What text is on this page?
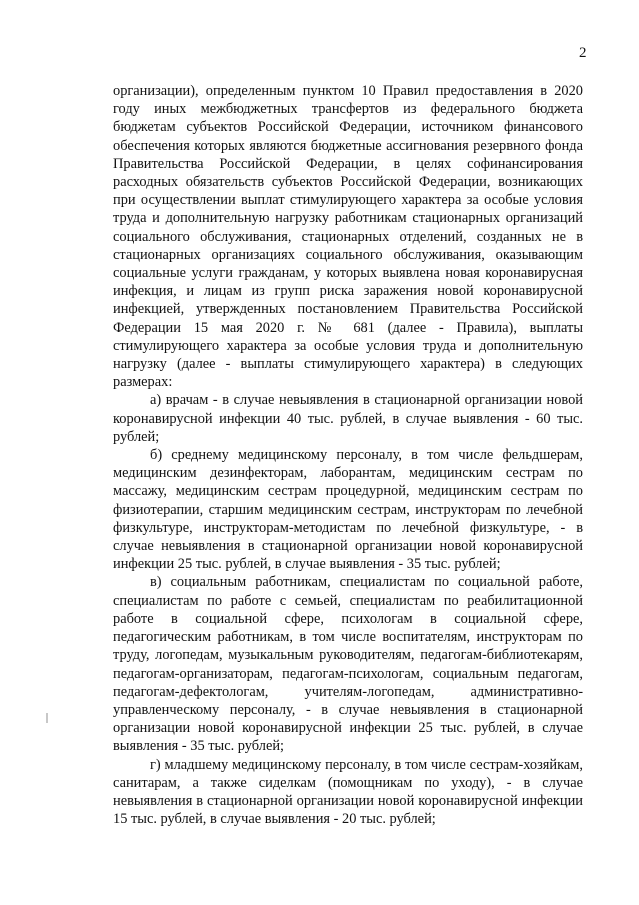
2

организации), определенным пунктом 10 Правил предоставления в 2020 году иных межбюджетных трансфертов из федерального бюджета бюджетам субъектов Российской Федерации, источником финансового обеспечения которых являются бюджетные ассигнования резервного фонда Правительства Российской Федерации, в целях софинансирования расходных обязательств субъектов Российской Федерации, возникающих при осуществлении выплат стимулирующего характера за особые условия труда и дополнительную нагрузку работникам стационарных организаций социального обслуживания, стационарных отделений, созданных не в стационарных организациях социального обслуживания, оказывающим социальные услуги гражданам, у которых выявлена новая коронавирусная инфекция, и лицам из групп риска заражения новой коронавирусной инфекцией, утвержденных постановлением Правительства Российской Федерации 15 мая 2020 г. № 681 (далее - Правила), выплаты стимулирующего характера за особые условия труда и дополнительную нагрузку (далее - выплаты стимулирующего характера) в следующих размерах:

а) врачам - в случае невыявления в стационарной организации новой коронавирусной инфекции 40 тыс. рублей, в случае выявления - 60 тыс. рублей;

б) среднему медицинскому персоналу, в том числе фельдшерам, медицинским дезинфекторам, лаборантам, медицинским сестрам по массажу, медицинским сестрам процедурной, медицинским сестрам по физиотерапии, старшим медицинским сестрам, инструкторам по лечебной физкультуре, инструкторам-методистам по лечебной физкультуре, - в случае невыявления в стационарной организации новой коронавирусной инфекции 25 тыс. рублей, в случае выявления - 35 тыс. рублей;

в) социальным работникам, специалистам по социальной работе, специалистам по работе с семьей, специалистам по реабилитационной работе в социальной сфере, психологам в социальной сфере, педагогическим работникам, в том числе воспитателям, инструкторам по труду, логопедам, музыкальным руководителям, педагогам-библиотекарям, педагогам-организаторам, педагогам-психологам, социальным педагогам, педагогам-дефектологам, учителям-логопедам, административно-управленческому персоналу, - в случае невыявления в стационарной организации новой коронавирусной инфекции 25 тыс. рублей, в случае выявления - 35 тыс. рублей;

г) младшему медицинскому персоналу, в том числе сестрам-хозяйкам, санитарам, а также сиделкам (помощникам по уходу), - в случае невыявления в стационарной организации новой коронавирусной инфекции 15 тыс. рублей, в случае выявления - 20 тыс. рублей;
